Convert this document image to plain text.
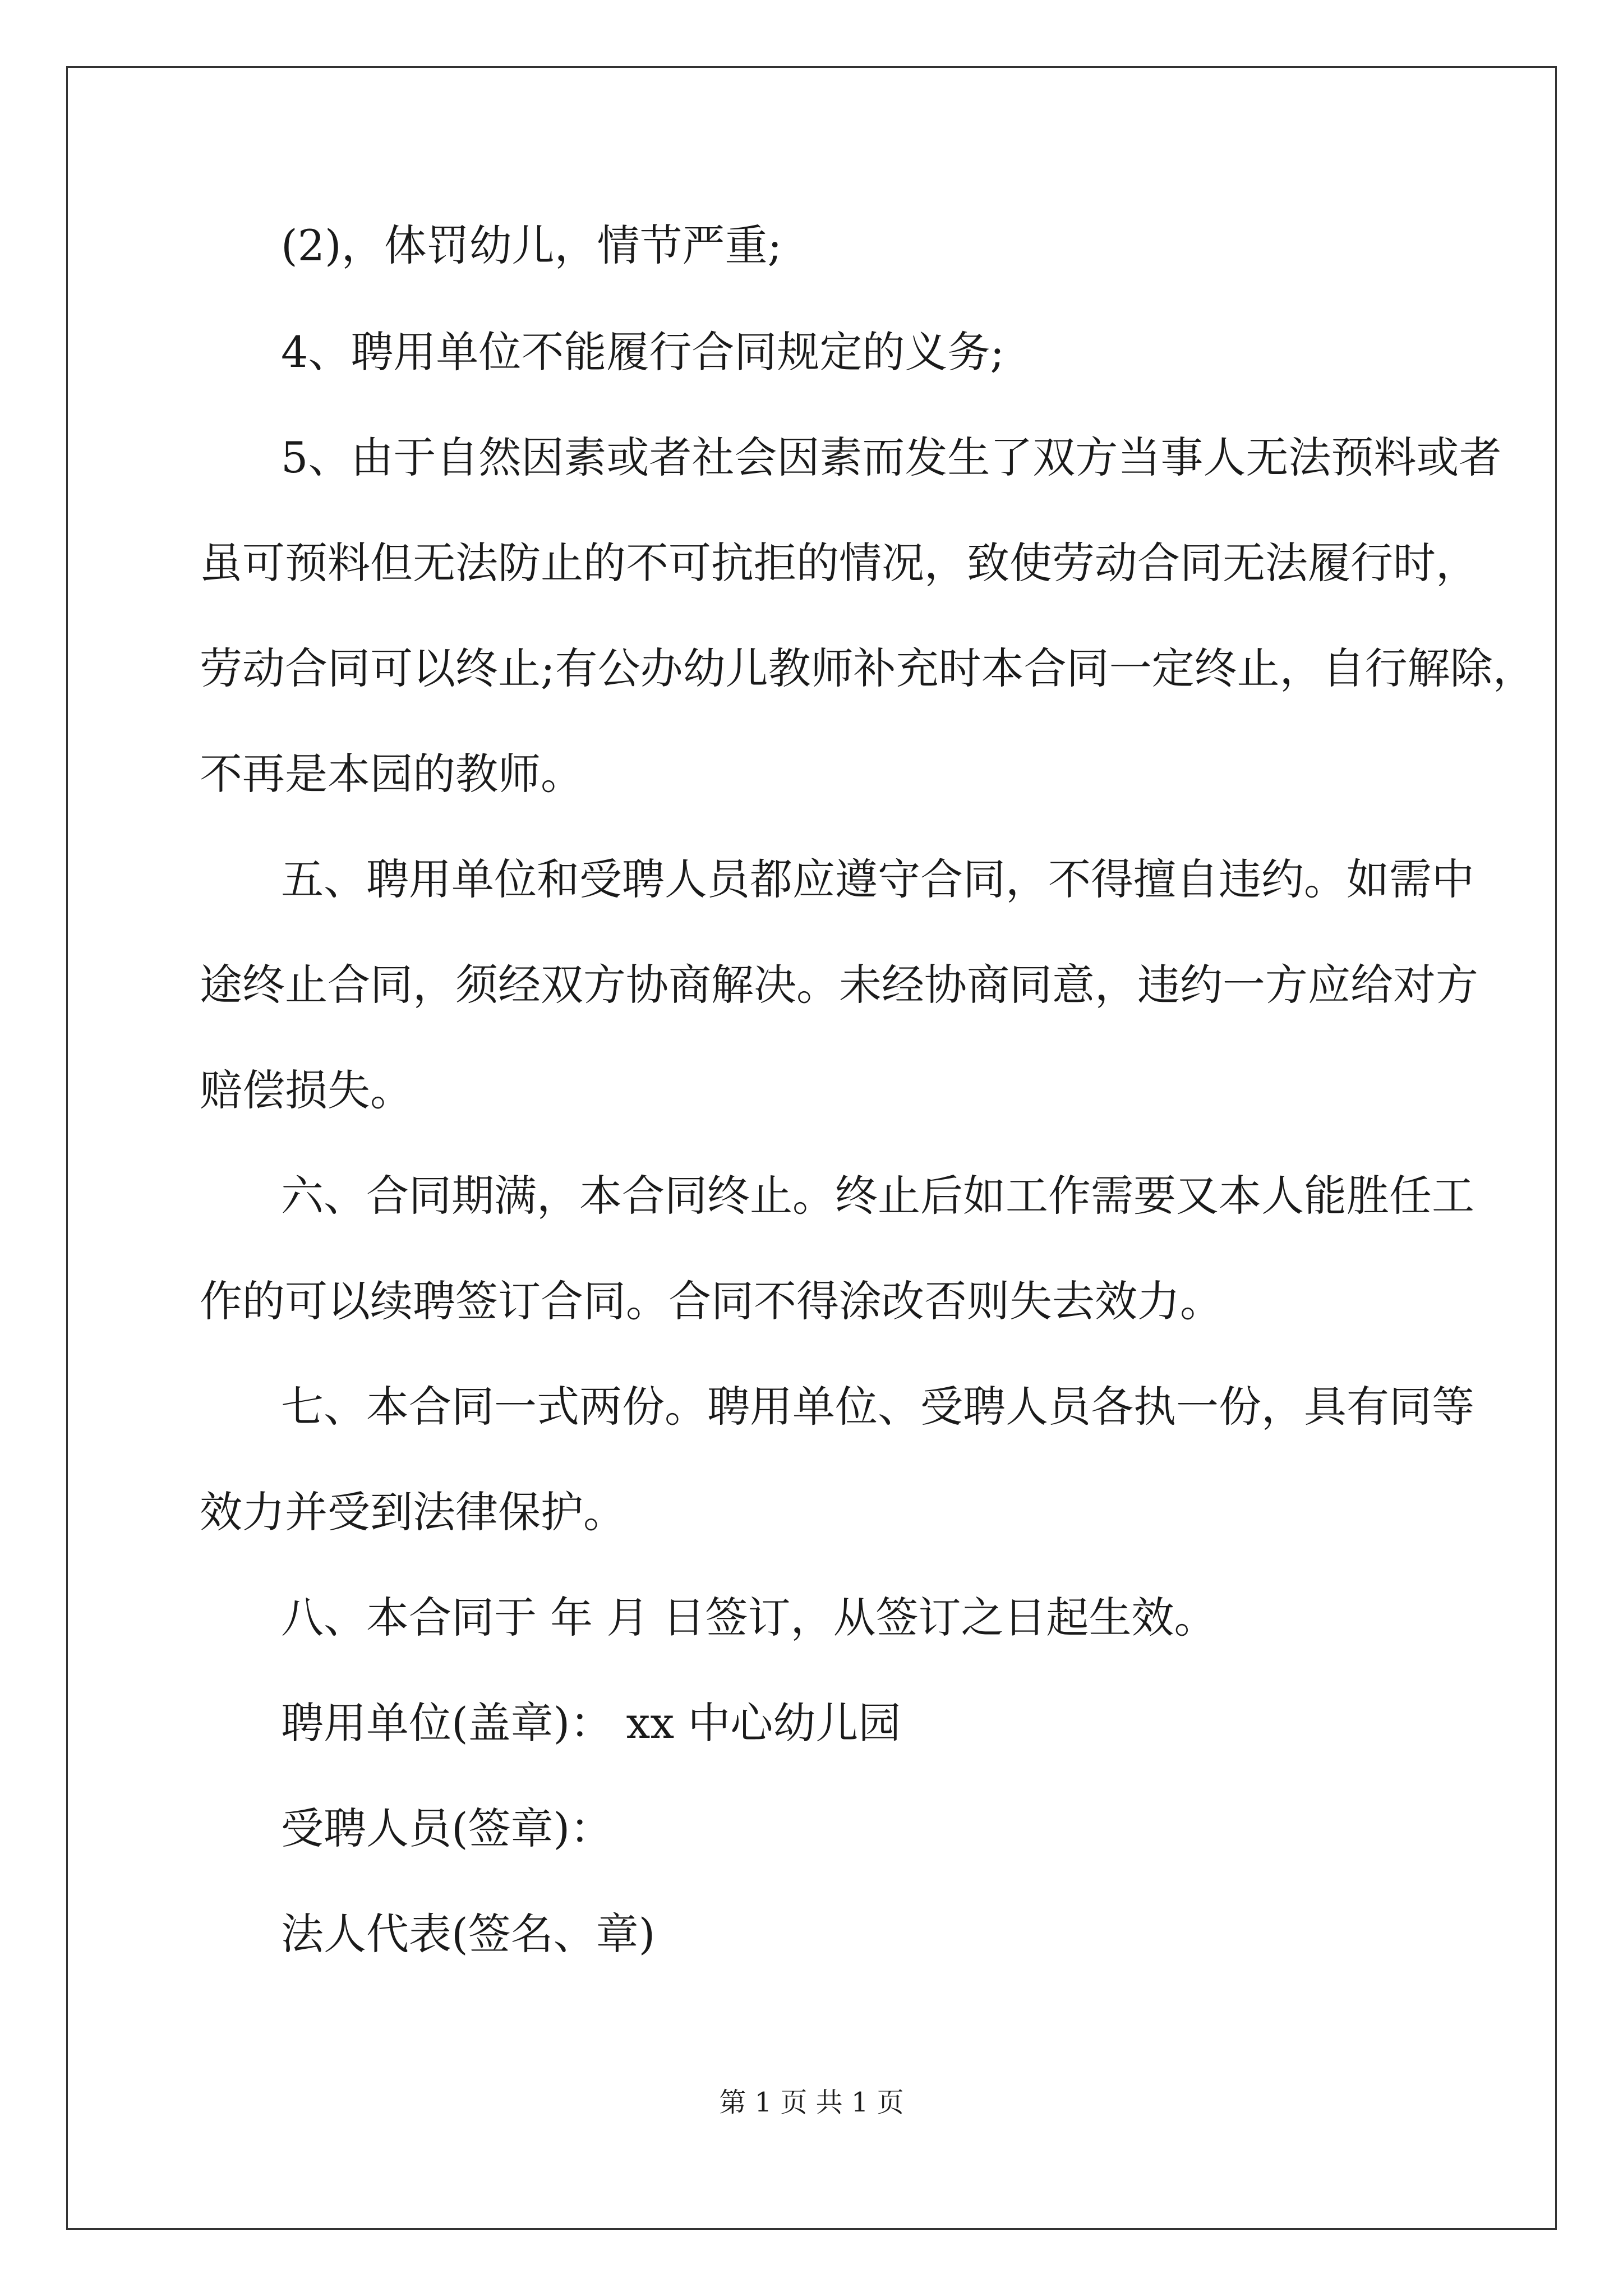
(2)，体罚幼儿，情节严重;
4、聘用单位不能履行合同规定的义务;
5、由于自然因素或者社会因素而发生了双方当事人无法预料或者
虽可预料但无法防止的不可抗拒的情况，致使劳动合同无法履行时，
劳动合同可以终止;有公办幼儿教师补充时本合同一定终止，自行解除，
不再是本园的教师。
五、聘用单位和受聘人员都应遵守合同，不得擅自违约。如需中
途终止合同，须经双方协商解决。未经协商同意，违约一方应给对方
赔偿损失。
六、合同期满，本合同终止。终止后如工作需要又本人能胜任工
作的可以续聘签订合同。合同不得涂改否则失去效力。
七、本合同一式两份。聘用单位、受聘人员各执一份，具有同等
效力并受到法律保护。
八、本合同于 年 月 日签订，从签订之日起生效。
聘用单位(盖章)： xx 中心幼儿园
受聘人员(签章)：
法人代表(签名、章)
第 1 页 共 1 页
